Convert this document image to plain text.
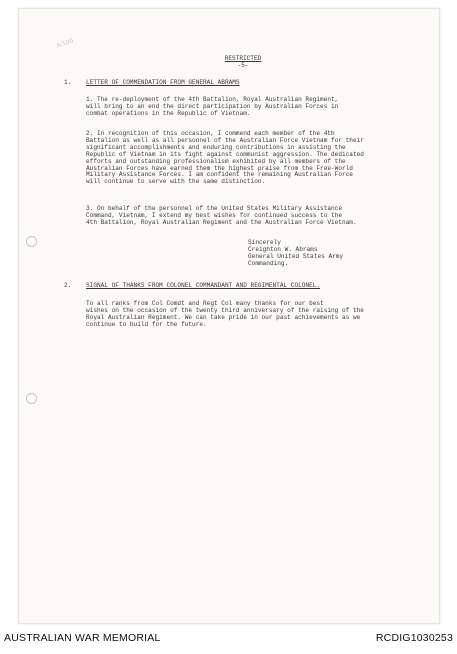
A/100
RESTRICTED
-5-
1. LETTER OF COMMENDATION FROM GENERAL ABRAMS
1. The re-deployment of the 4th Battalion, Royal Australian Regiment,
will bring to an end the direct participation by Australian Forces in
combat operations in the Republic of Vietnam.
2. In recognition of this occasion, I commend each member of the 4th
Battalion as well as all personnel of the Australian Force Vietnam for their
significant accomplishments and enduring contributions in assisting the
Republic of Vietnam in its fight against communist aggression. The dedicated
efforts and outstanding professionalism exhibited by all members of the
Australian Forces have earned them the highest praise from the Free-World
Military Assistance Forces. I am confident the remaining Australian Force
will continue to serve with the same distinction.
3. On behalf of the personnel of the United States Military Assistance
Command, Vietnam, I extend my best wishes for continued success to the
4th Battalion, Royal Australian Regiment and the Australian Force Vietnam.
Sincerely
Creighton W. Abrams
General United States Army
Commanding.
2. SIGNAL OF THANKS FROM COLONEL COMMANDANT AND REGIMENTAL COLONEL.
To all ranks from Col Comdt and Regt Col many thanks for our best
wishes on the occasion of the twenty third anniversary of the raising of the
Royal Australian Regiment. We can take pride in our past achievements as we
continue to build for the future.
AUSTRALIAN WAR MEMORIAL	RCDIG1030253
